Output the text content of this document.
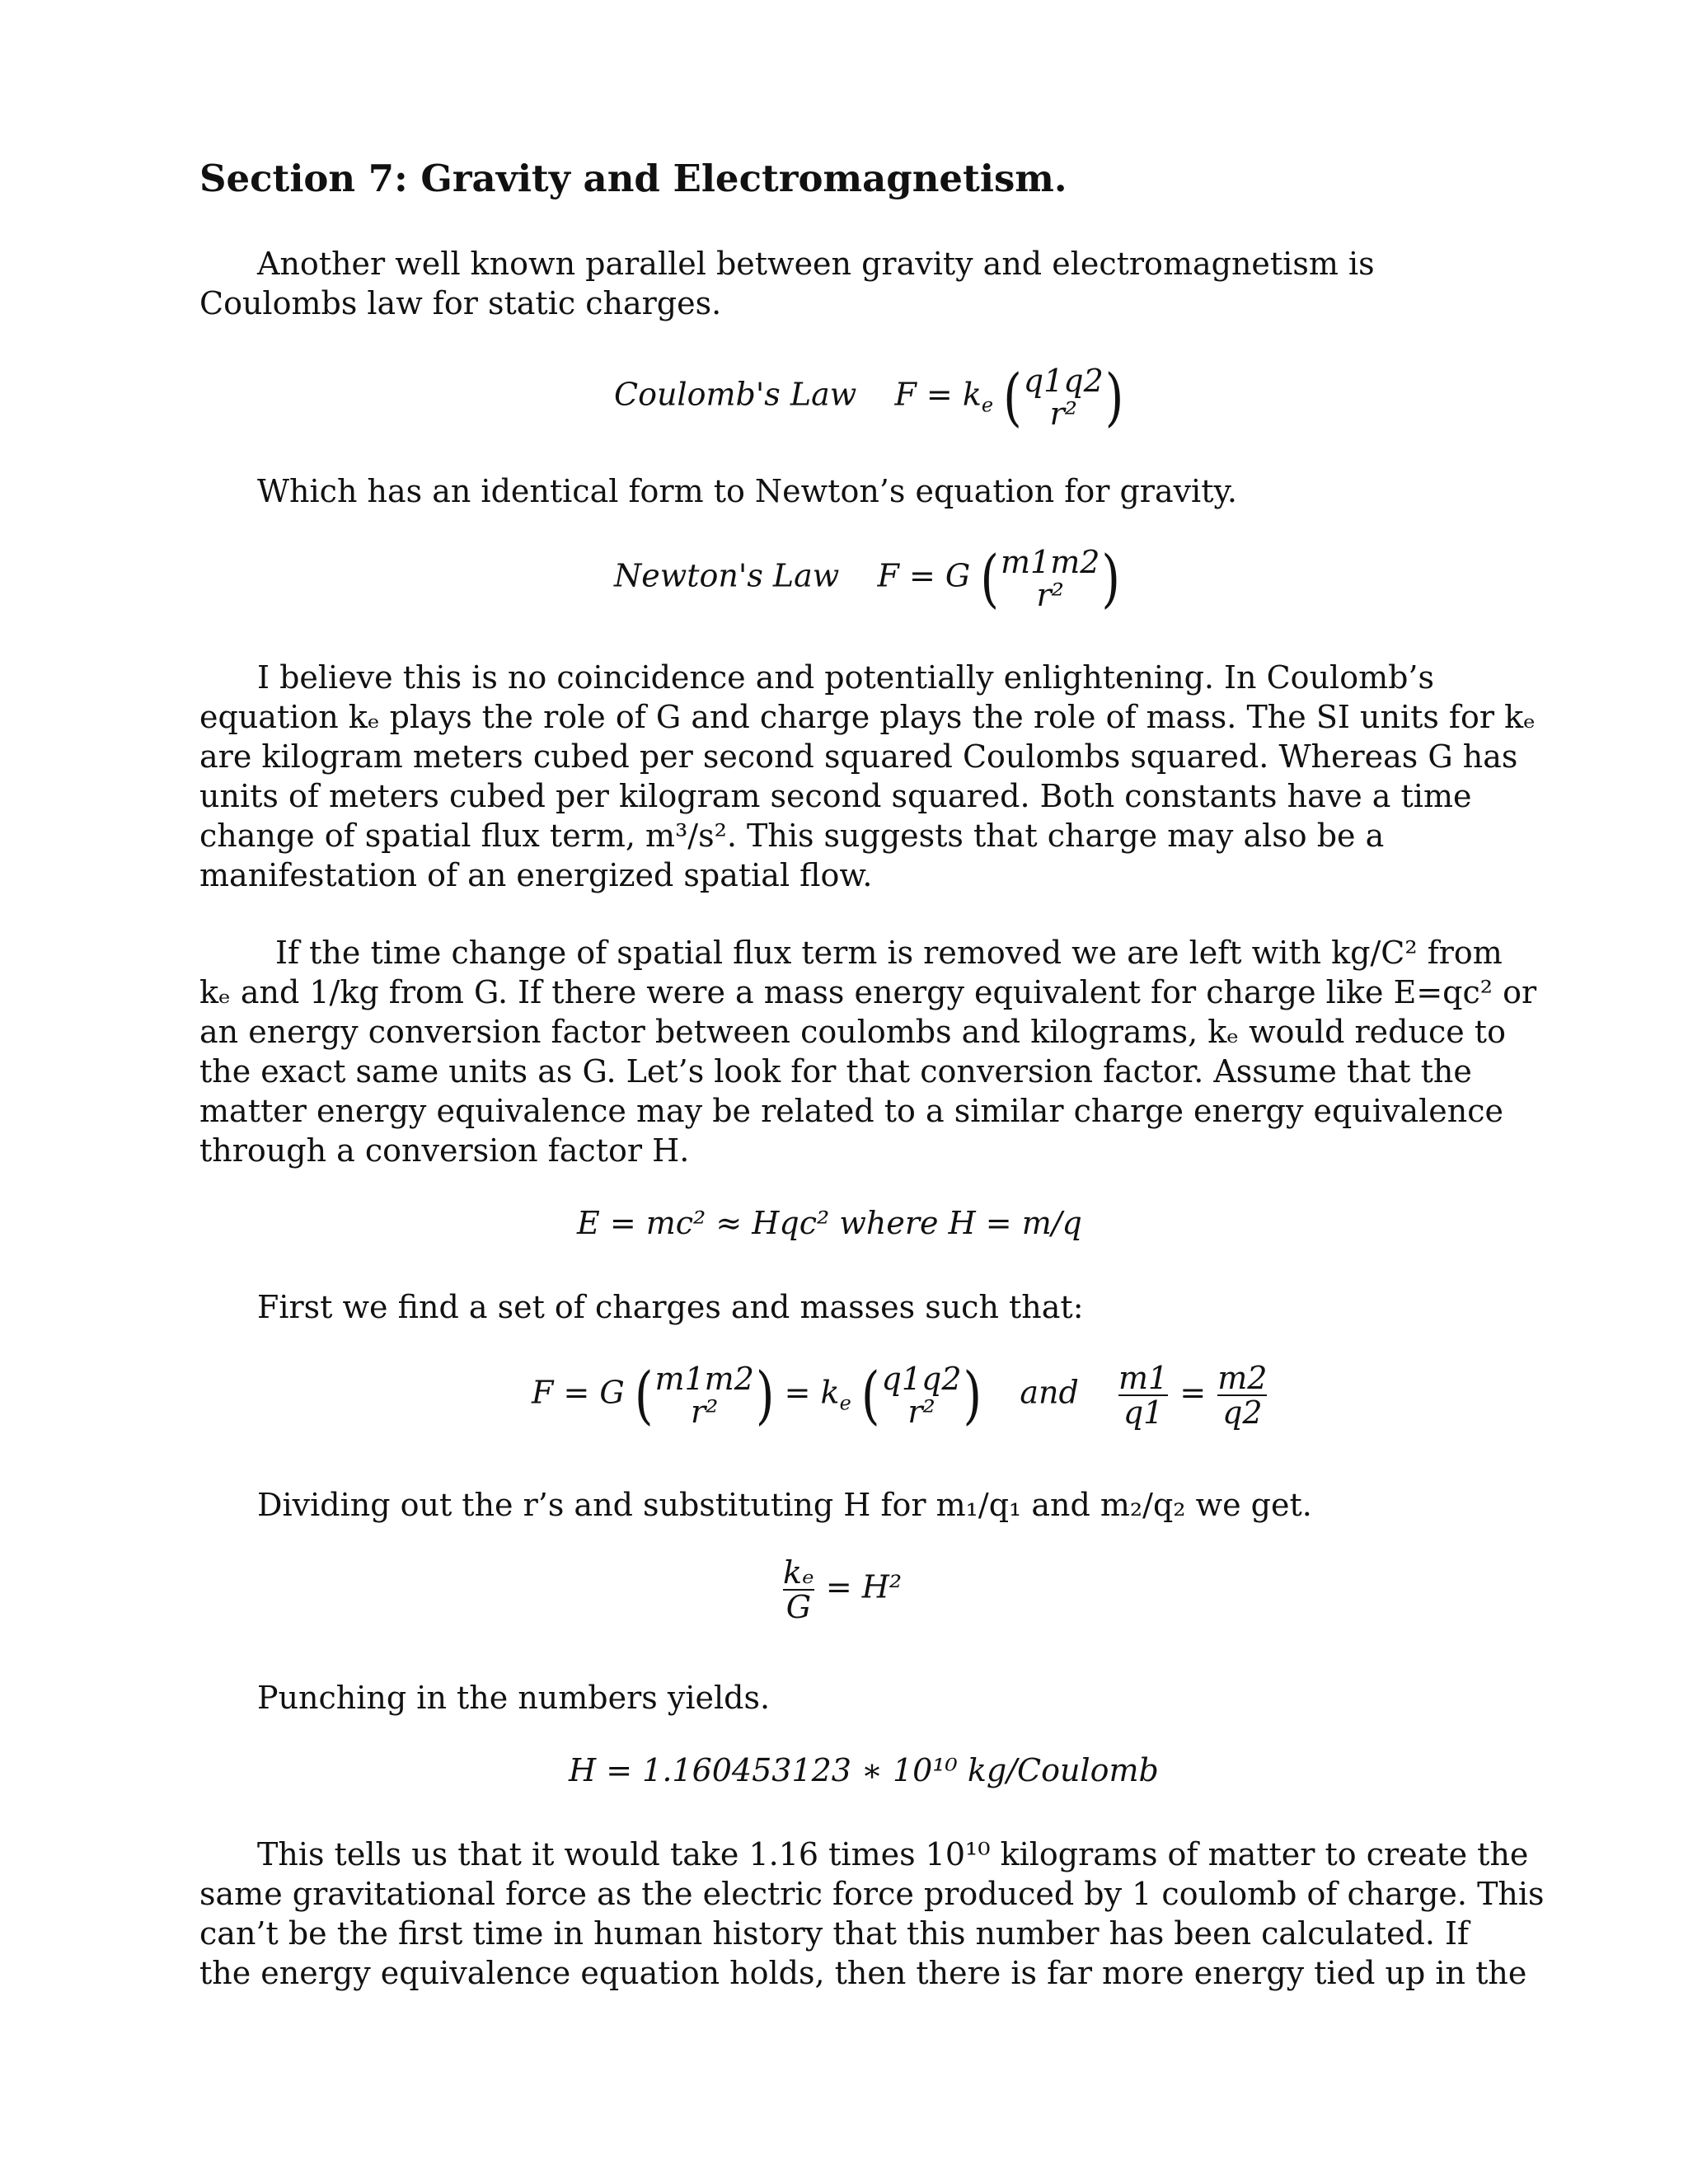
Section 7: Gravity and Electromagnetism.
Another well known parallel between gravity and electromagnetism is
Coulombs law for static charges.
Coulomb's Law $F = k_e$ ( q1q2
r² )
Which has an identical form to Newton’s equation for gravity.
Newton's Law F = G ( m1m2
r² )
I believe this is no coincidence and potentially enlightening. In Coulomb’s
equation kₑ plays the role of G and charge plays the role of mass. The SI units for kₑ
are kilogram meters cubed per second squared Coulombs squared. Whereas G has
units of meters cubed per kilogram second squared. Both constants have a time
change of spatial flux term, m³/s². This suggests that charge may also be a
manifestation of an energized spatial flow.
If the time change of spatial flux term is removed we are left with kg/C² from
kₑ and 1/kg from G. If there were a mass energy equivalent for charge like E=qc² or
an energy conversion factor between coulombs and kilograms, kₑ would reduce to
the exact same units as G. Let’s look for that conversion factor. Assume that the
matter energy equivalence may be related to a similar charge energy equivalence
through a conversion factor H.
E = mc² ≈ Hqc² where H = m/q
First we find a set of charges and masses such that:
F = G ( m1m2
r² ) = $k_e$ ( q1q2
r² ) and $\frac{m1}{q1} = \frac{m2}{q2}$
Dividing out the r’s and substituting H for m₁/q₁ and m₂/q₂ we get.
$\frac{\text{kₑ}}{G} = H^2$
Punching in the numbers yields.
H = 1.160453123 ∗ 10¹⁰ kg/Coulomb
This tells us that it would take 1.16 times 10¹⁰ kilograms of matter to create the
same gravitational force as the electric force produced by 1 coulomb of charge. This
can’t be the first time in human history that this number has been calculated. If
the energy equivalence equation holds, then there is far more energy tied up in the
